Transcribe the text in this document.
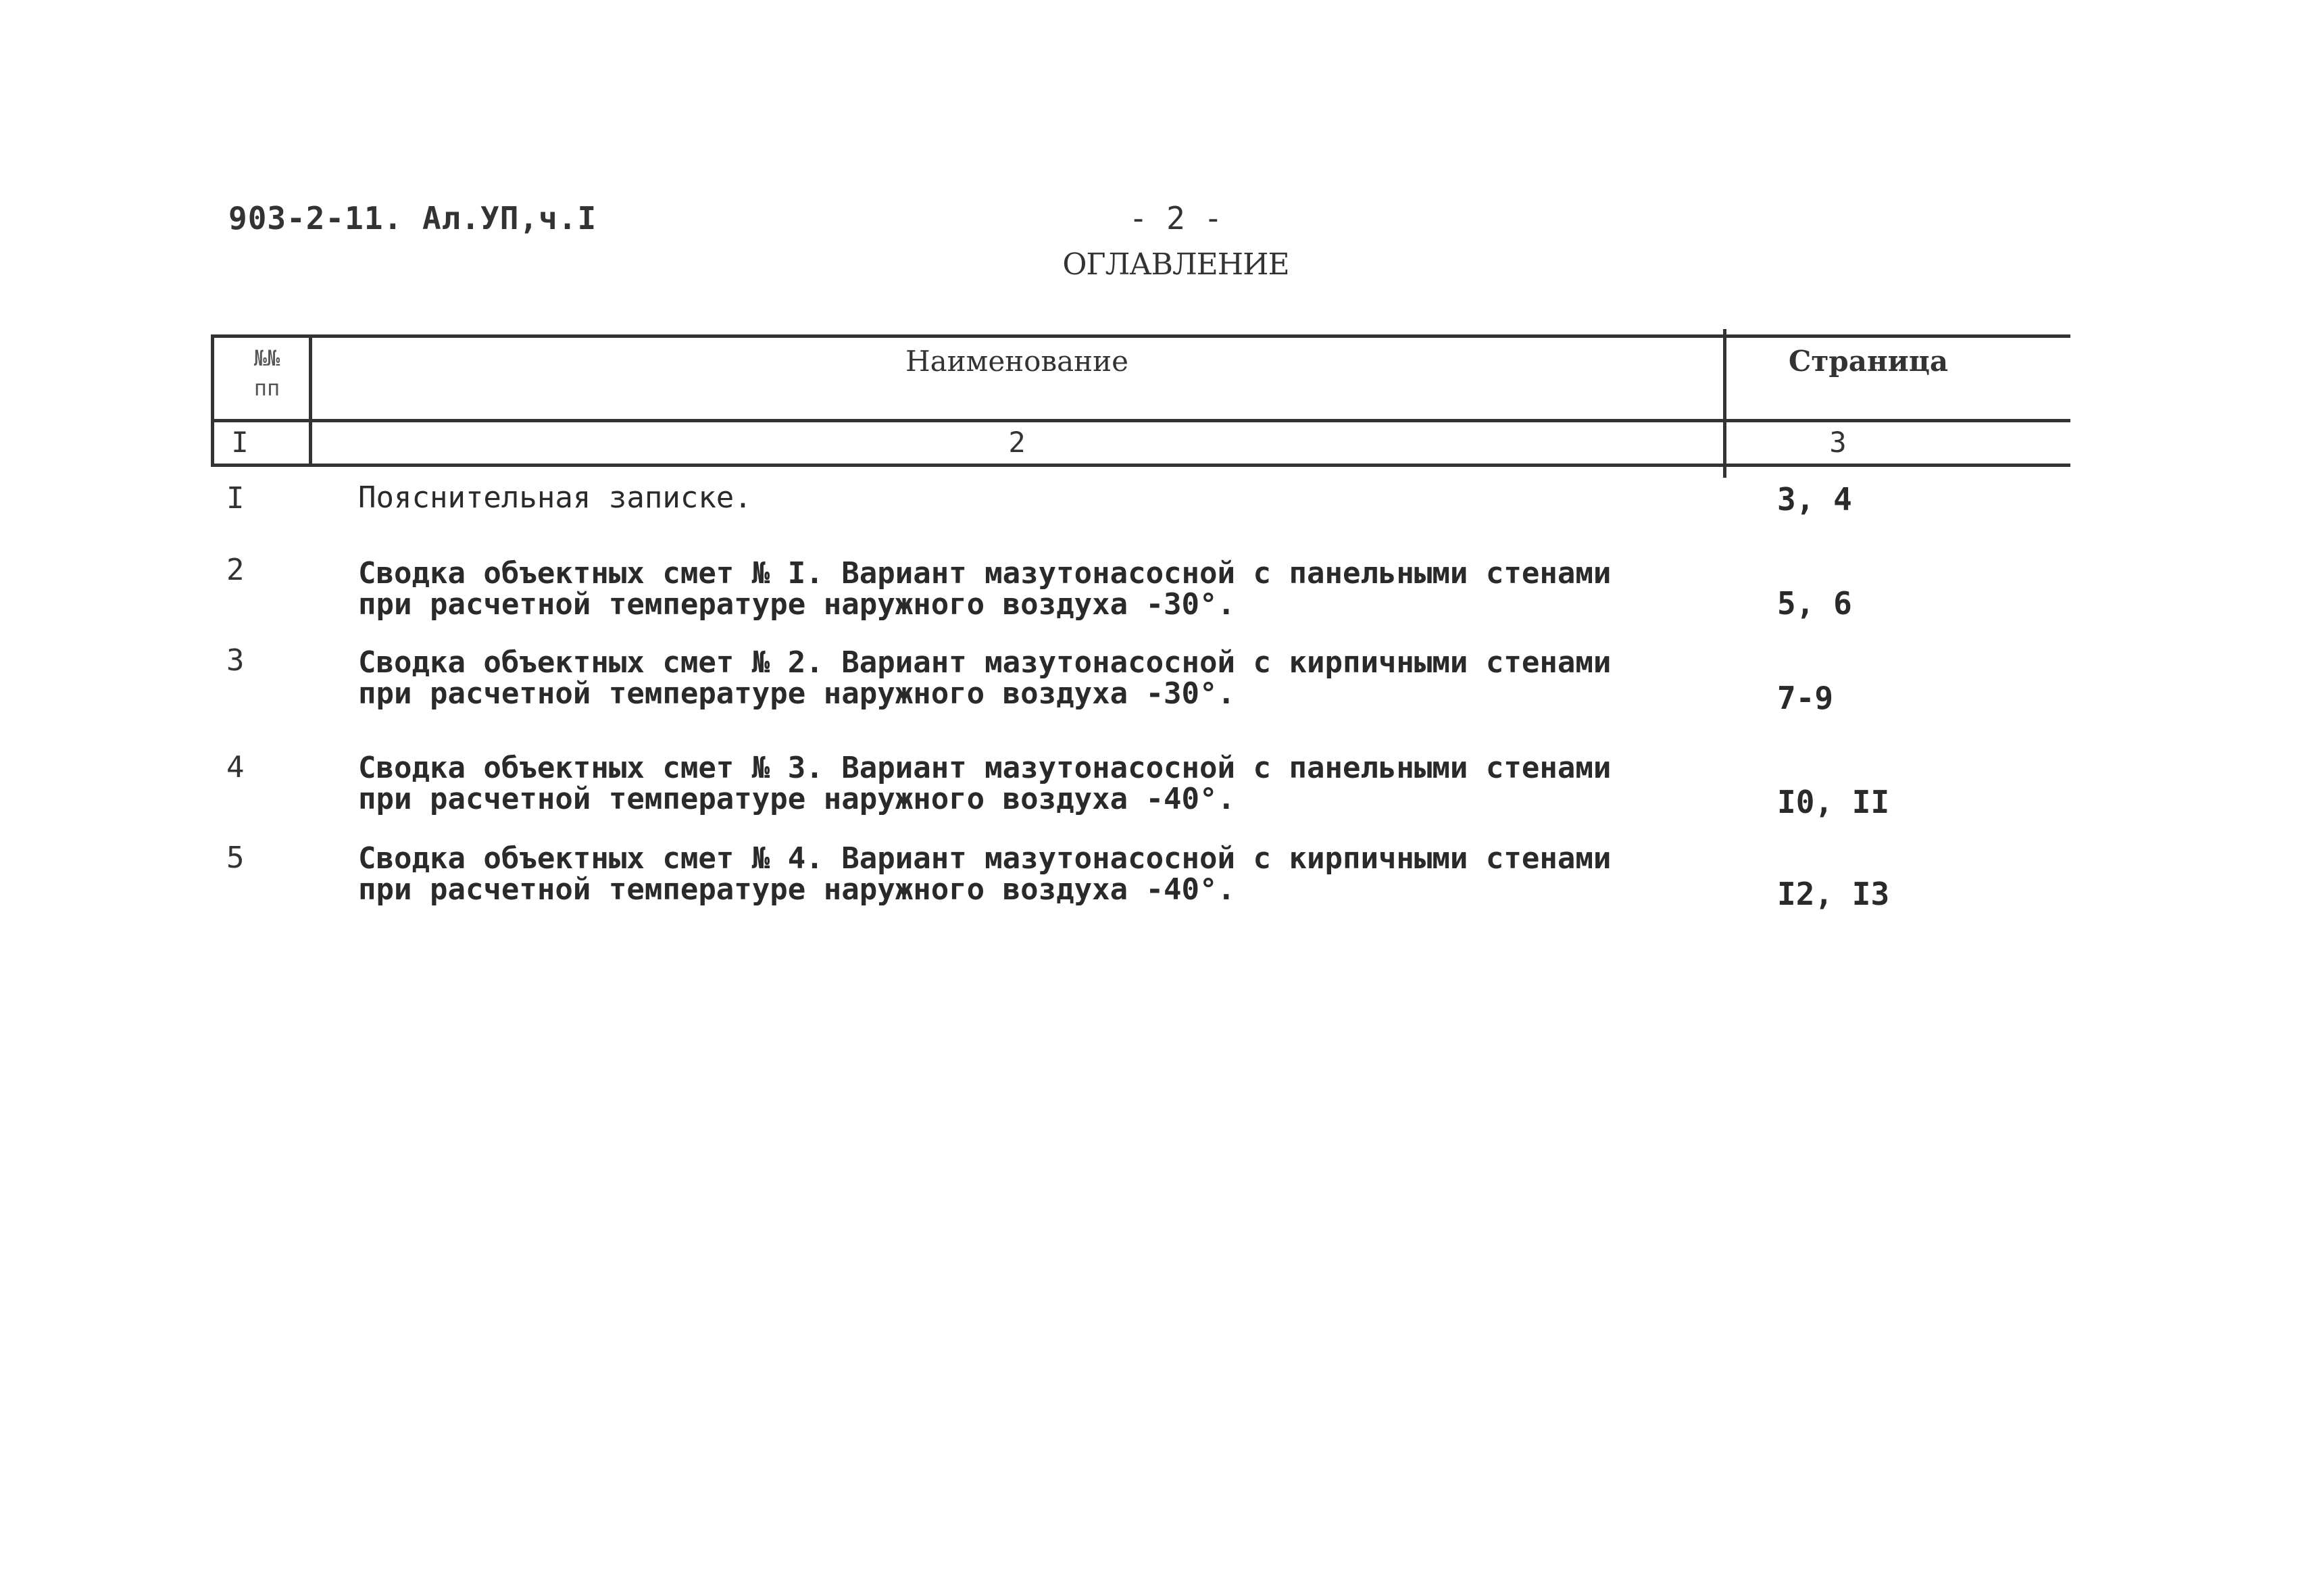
903-2-11. Ал.УП,ч.I	- 2 -
ОГЛАВЛЕНИЕ
№№
пп
Наименование	Страница
I	2	3
I	Пояснительная записке.	3, 4
2	Сводка объектных смет № I. Вариант мазутонасосной с панельными стенами
при расчетной температуре наружного воздуха -30°.	5, 6
3	Сводка объектных смет № 2. Вариант мазутонасосной с кирпичными стенами
при расчетной температуре наружного воздуха -30°.	7-9
4	Сводка объектных смет № 3. Вариант мазутонасосной с панельными стенами
при расчетной температуре наружного воздуха -40°.	I0, II
5	Сводка объектных смет № 4. Вариант мазутонасосной с кирпичными стенами
при расчетной температуре наружного воздуха -40°.	I2, I3
